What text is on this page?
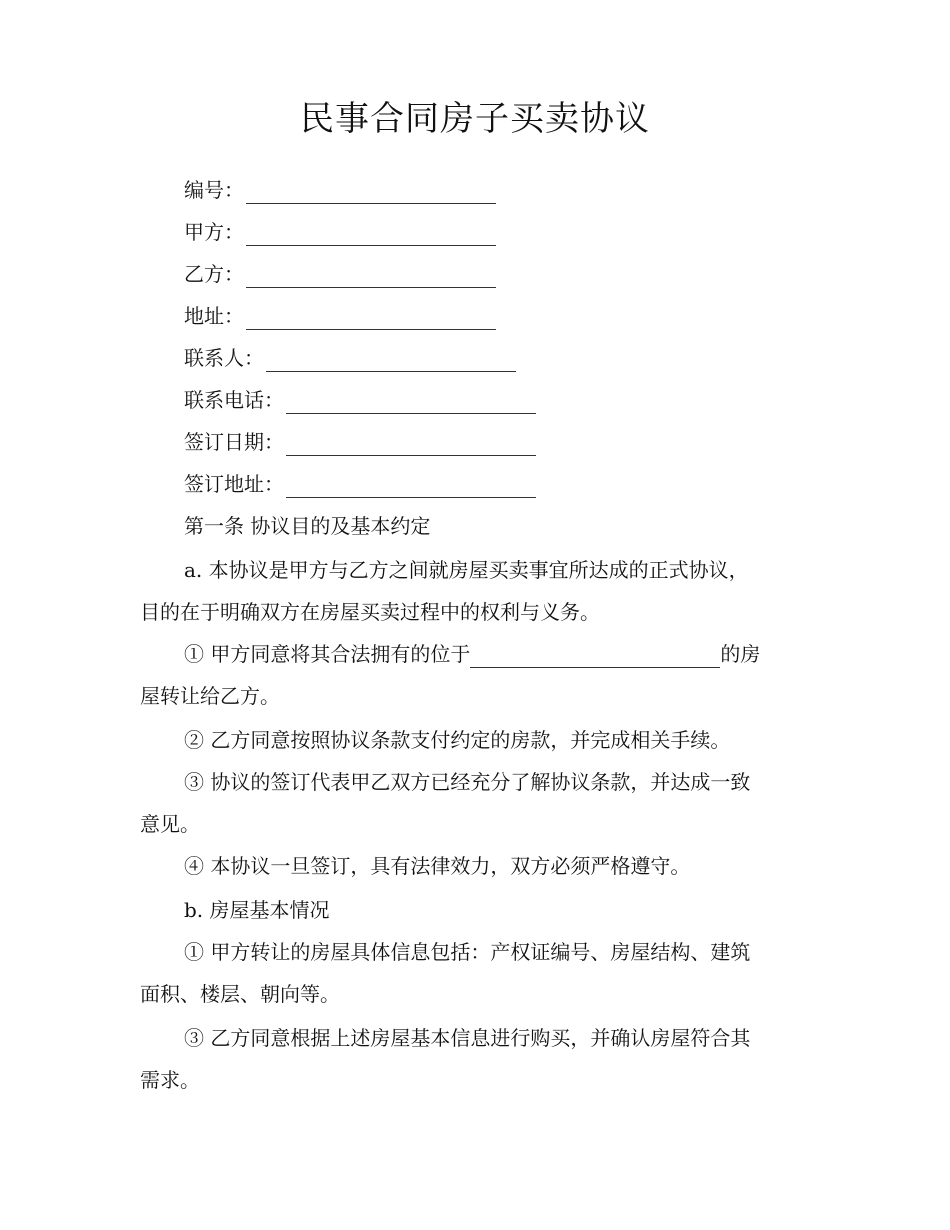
民事合同房子买卖协议
编号：
甲方：
乙方：
地址：
联系人：
联系电话：
签订日期：
签订地址：
第一条 协议目的及基本约定
a. 本协议是甲方与乙方之间就房屋买卖事宜所达成的正式协议，
目的在于明确双方在房屋买卖过程中的权利与义务。
① 甲方同意将其合法拥有的位于	的房
屋转让给乙方。
② 乙方同意按照协议条款支付约定的房款，并完成相关手续。
③ 协议的签订代表甲乙双方已经充分了解协议条款，并达成一致
意见。
④ 本协议一旦签订，具有法律效力，双方必须严格遵守。
b. 房屋基本情况
① 甲方转让的房屋具体信息包括：产权证编号、房屋结构、建筑
面积、楼层、朝向等。
③ 乙方同意根据上述房屋基本信息进行购买，并确认房屋符合其
需求。
